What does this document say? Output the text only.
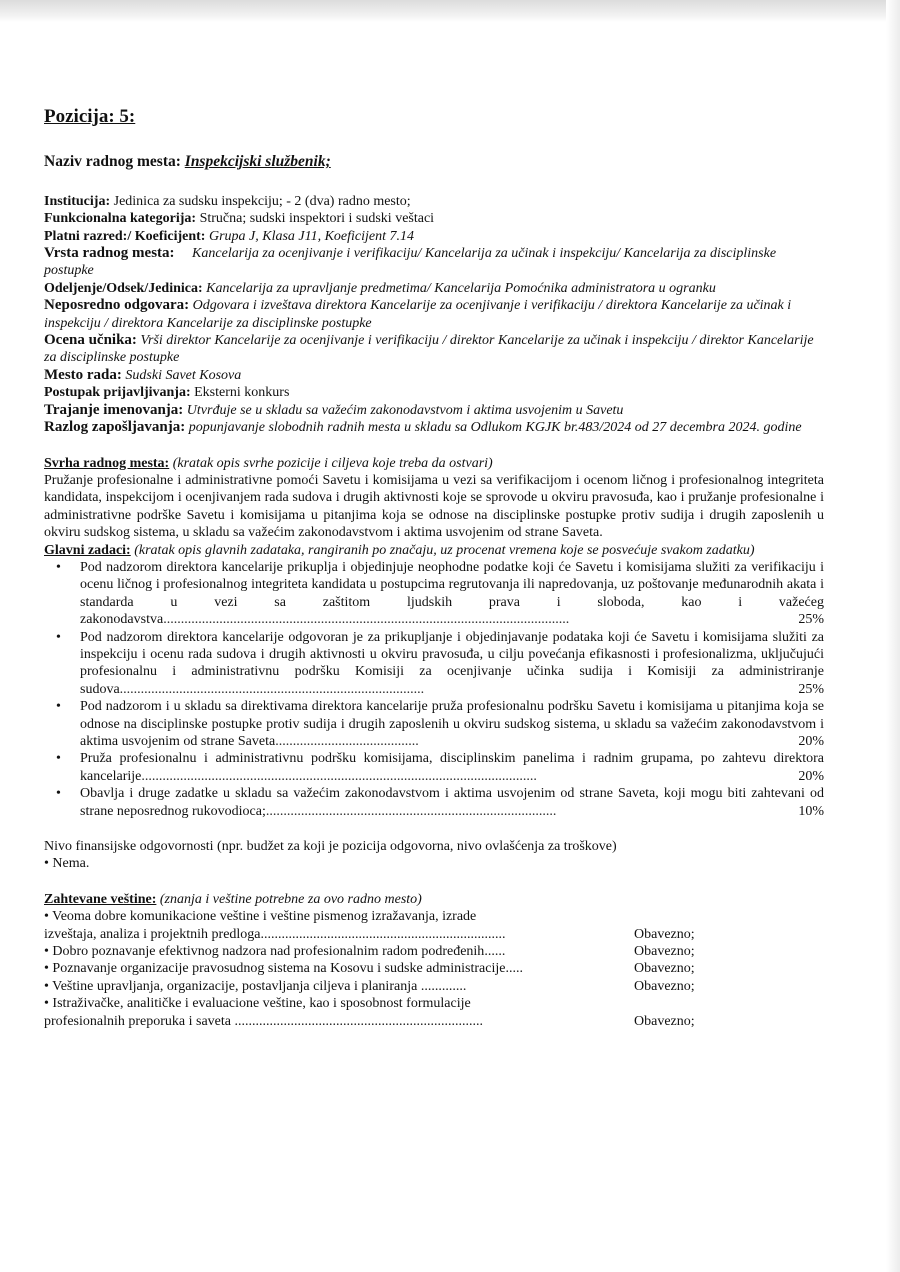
Pozicija: 5:

Naziv radnog mesta: Inspekcijski službenik;

Institucija: Jedinica za sudsku inspekciju; - 2 (dva) radno mesto;

Funkcionalna kategorija: Stručna; sudski inspektori i sudski veštaci

Platni razred:/ Koeficijent: Grupa J, Klasa J11, Koeficijent 7.14

Vrsta radnog mesta: Kancelarija za ocenjivanje i verifikaciju/ Kancelarija za učinak i inspekciju/ Kancelarija za disciplinske postupke

Odeljenje/Odsek/Jedinica: Kancelarija za upravljanje predmetima/ Kancelarija Pomoćnika administratora u ogranku

Neposredno odgovara: Odgovara i izveštava direktora Kancelarije za ocenjivanje i verifikaciju / direktora Kancelarije za učinak i inspekciju / direktora Kancelarije za disciplinske postupke

Ocena učnika: Vrši direktor Kancelarije za ocenjivanje i verifikaciju / direktor Kancelarije za učinak i inspekciju / direktor Kancelarije za disciplinske postupke

Mesto rada: Sudski Savet Kosova

Postupak prijavljivanja: Eksterni konkurs

Trajanje imenovanja: Utvrđuje se u skladu sa važećim zakonodavstvom i aktima usvojenim u Savetu

Razlog zapošljavanja: popunjavanje slobodnih radnih mesta u skladu sa Odlukom KGJK br.483/2024 od 27 decembra 2024. godine

Svrha radnog mesta: (kratak opis svrhe pozicije i ciljeva koje treba da ostvari)

Pružanje profesionalne i administrativne pomoći Savetu i komisijama u vezi sa verifikacijom i ocenom ličnog i profesionalnog integriteta kandidata, inspekcijom i ocenjivanjem rada sudova i drugih aktivnosti koje se sprovode u okviru pravosuđa, kao i pružanje profesionalne i administrativne podrške Savetu i komisijama u pitanjima koja se odnose na disciplinske postupke protiv sudija i drugih zaposlenih u okviru sudskog sistema, u skladu sa važećim zakonodavstvom i aktima usvojenim od strane Saveta.

Glavni zadaci: (kratak opis glavnih zadataka, rangiranih po značaju, uz procenat vremena koje se posvećuje svakom zadatku)

• Pod nadzorom direktora kancelarije prikuplja i objedinjuje neophodne podatke koji će Savetu i komisijama služiti za verifikaciju i ocenu ličnog i profesionalnog integriteta kandidata u postupcima regrutovanja ili napredovanja, uz poštovanje međunarodnih akata i standarda u vezi sa zaštitom ljudskih prava i sloboda, kao i važećeg zakonodavstva....................................................................................................................	25%
• Pod nadzorom direktora kancelarije odgovoran je za prikupljanje i objedinjavanje podataka koji će Savetu i komisijama služiti za inspekciju i ocenu rada sudova i drugih aktivnosti u okviru pravosuđa, u cilju povećanja efikasnosti i profesionalizma, uključujući profesionalnu i administrativnu podršku Komisiji za ocenjivanje učinka sudija i Komisiji za administriranje sudova.......................................................................................	25%
• Pod nadzorom i u skladu sa direktivama direktora kancelarije pruža profesionalnu podršku Savetu i komisijama u pitanjima koja se odnose na disciplinske postupke protiv sudija i drugih zaposlenih u okviru sudskog sistema, u skladu sa važećim zakonodavstvom i aktima usvojenim od strane Saveta.........................................	20%
• Pruža profesionalnu i administrativnu podršku komisijama, disciplinskim panelima i radnim grupama, po zahtevu direktora kancelarije.................................................................................................................	20%
• Obavlja i druge zadatke u skladu sa važećim zakonodavstvom i aktima usvojenim od strane Saveta, koji mogu biti zahtevani od strane neposrednog rukovodioca;...................................................................................	10%

Nivo finansijske odgovornosti (npr. budžet za koji je pozicija odgovorna, nivo ovlašćenja za troškove)

• Nema.

Zahtevane veštine: (znanja i veštine potrebne za ovo radno mesto)

• Veoma dobre komunikacione veštine i veštine pismenog izražavanja, izrade

izveštaja, analiza i projektnih predloga......................................................................	Obavezno;
• Dobro poznavanje efektivnog nadzora nad profesionalnim radom podređenih......	Obavezno;
• Poznavanje organizacije pravosudnog sistema na Kosovu i sudske administracije.....	Obavezno;
• Veštine upravljanja, organizacije, postavljanja ciljeva i planiranja .............	Obavezno;

• Istraživačke, analitičke i evaluacione veštine, kao i sposobnost formulacije

profesionalnih preporuka i saveta .......................................................................	Obavezno;
